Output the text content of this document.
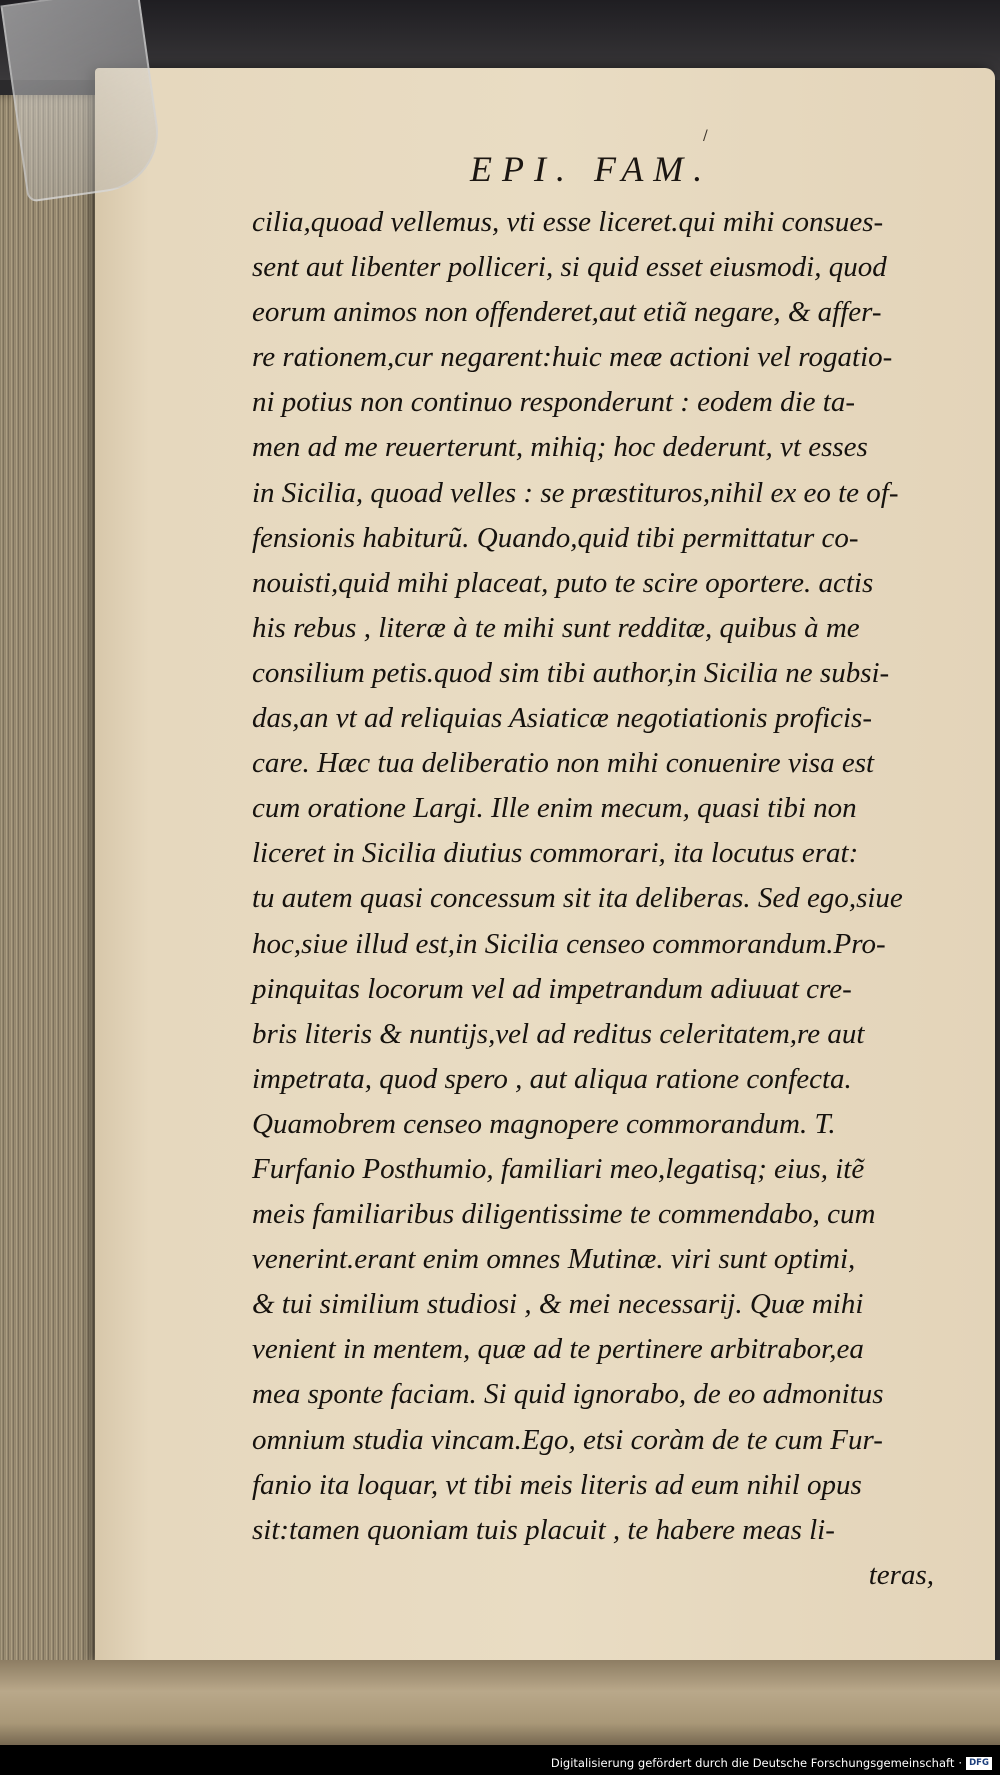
/
EPI. FAM.
cilia,quoad vellemus, vti esse liceret.qui mihi consues-
sent aut libenter polliceri, si quid esset eiusmodi, quod
eorum animos non offenderet,aut etiã negare, & affer-
re rationem,cur negarent:huic meæ actioni vel rogatio-
ni potius non continuo responderunt : eodem die ta-
men ad me reuerterunt, mihiq; hoc dederunt, vt esses
in Sicilia, quoad velles : se præstituros,nihil ex eo te of-
fensionis habiturũ. Quando,quid tibi permittatur co-
nouisti,quid mihi placeat, puto te scire oportere. actis
his rebus , literæ à te mihi sunt redditæ, quibus à me
consilium petis.quod sim tibi author,in Sicilia ne subsi-
das,an vt ad reliquias Asiaticæ negotiationis proficis-
care. Hæc tua deliberatio non mihi conuenire visa est
cum oratione Largi. Ille enim mecum, quasi tibi non
liceret in Sicilia diutius commorari, ita locutus erat:
tu autem quasi concessum sit ita deliberas. Sed ego,siue
hoc,siue illud est,in Sicilia censeo commorandum.Pro-
pinquitas locorum vel ad impetrandum adiuuat cre-
bris literis & nuntijs,vel ad reditus celeritatem,re aut
impetrata, quod spero , aut aliqua ratione confecta.
Quamobrem censeo magnopere commorandum. T.
Furfanio Posthumio, familiari meo,legatisq; eius, itẽ
meis familiaribus diligentissime te commendabo, cum
venerint.erant enim omnes Mutinæ. viri sunt optimi,
& tui similium studiosi , & mei necessarij. Quæ mihi
venient in mentem, quæ ad te pertinere arbitrabor,ea
mea sponte faciam. Si quid ignorabo, de eo admonitus
omnium studia vincam.Ego, etsi coràm de te cum Fur-
fanio ita loquar, vt tibi meis literis ad eum nihil opus
sit:tamen quoniam tuis placuit , te habere meas li-
teras,
Digitalisierung gefördert durch die Deutsche Forschungsgemeinschaft · DFG
